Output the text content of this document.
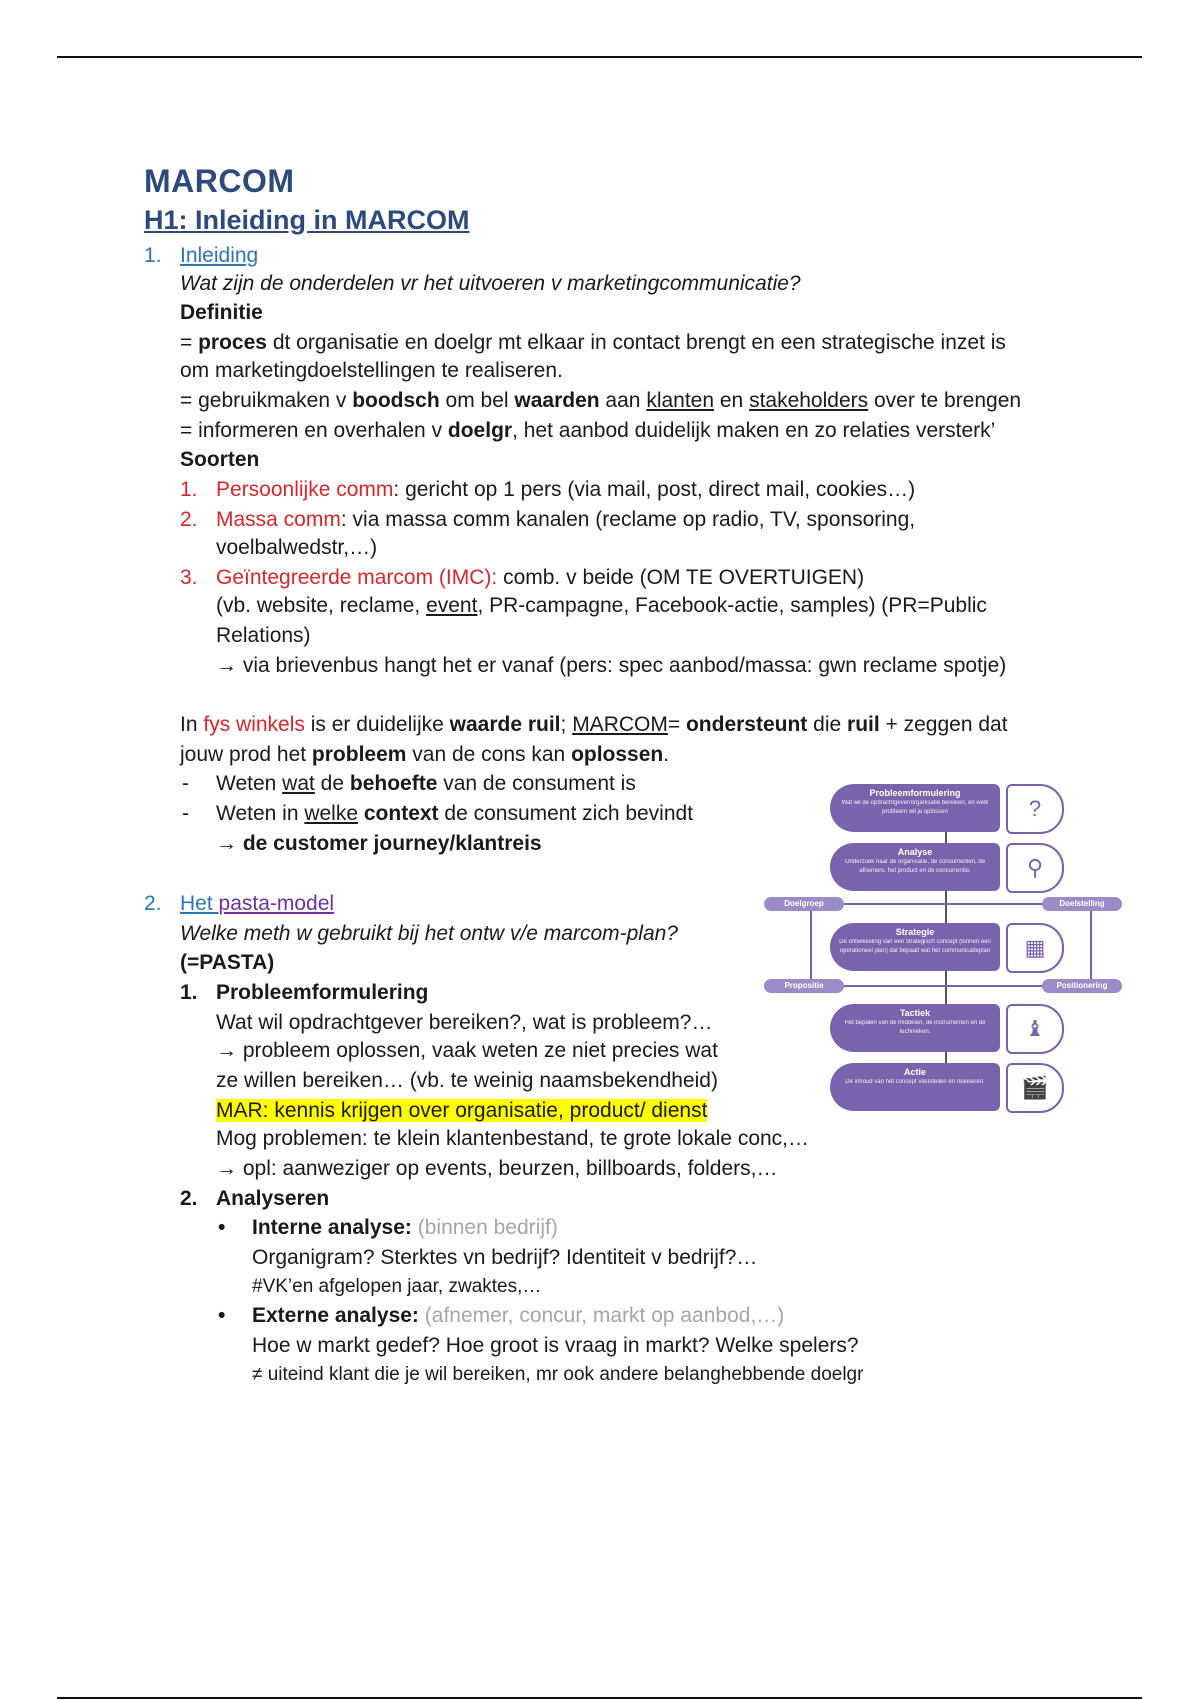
MARCOM
H1: Inleiding in MARCOM
1. Inleiding
Wat zijn de onderdelen vr het uitvoeren v marketingcommunicatie?
Definitie
= proces dt organisatie en doelgr mt elkaar in contact brengt en een strategische inzet is
om marketingdoelstellingen te realiseren.
= gebruikmaken v boodsch om bel waarden aan klanten en stakeholders over te brengen
= informeren en overhalen v doelgr, het aanbod duidelijk maken en zo relaties versterk’
Soorten
1. Persoonlijke comm: gericht op 1 pers (via mail, post, direct mail, cookies…)
2. Massa comm: via massa comm kanalen (reclame op radio, TV, sponsoring,
voelbalwedstr,…)
3. Geïntegreerde marcom (IMC): comb. v beide (OM TE OVERTUIGEN)
(vb. website, reclame, event, PR-campagne, Facebook-actie, samples) (PR=Public
Relations)
→ via brievenbus hangt het er vanaf (pers: spec aanbod/massa: gwn reclame spotje)
In fys winkels is er duidelijke waarde ruil; MARCOM= ondersteunt die ruil + zeggen dat
jouw prod het probleem van de cons kan oplossen.
- Weten wat de behoefte van de consument is
- Weten in welke context de consument zich bevindt
→ de customer journey/klantreis
2. Het pasta-model
Welke meth w gebruikt bij het ontw v/e marcom-plan?
(=PASTA)
1. Probleemformulering
Wat wil opdrachtgever bereiken?, wat is probleem?…
→ probleem oplossen, vaak weten ze niet precies wat
ze willen bereiken… (vb. te weinig naamsbekendheid)
MAR: kennis krijgen over organisatie, product/ dienst
Mog problemen: te klein klantenbestand, te grote lokale conc,…
→ opl: aanweziger op events, beurzen, billboards, folders,…
2. Analyseren
• Interne analyse: (binnen bedrijf)
Organigram? Sterktes vn bedrijf? Identiteit v bedrijf?…
#VK’en afgelopen jaar, zwaktes,…
• Externe analyse: (afnemer, concur, markt op aanbod,…)
Hoe w markt gedef? Hoe groot is vraag in markt? Welke spelers?
≠ uiteind klant die je wil bereiken, mr ook andere belanghebbende doelgr
Probleemformulering
Wat wil de opdrachtgever/organisatie bereiken, en welk probleem wil je oplossen	?
Analyse
Onderzoek naar de organisatie, de consumenten, de afnemers, het product en de concurrentie.	⚲
Doelgroep	Doelstelling
Strategie
De ontwikkeling van een strategisch concept (binnen een operationeel plan) dat bepaalt wat het communicatieplan	▦
Propositie	Positionering
Tactiek
Het bepalen van de middelen, de instrumenten en de technieken.	♝
Actie
De inhoud van het concept vaststellen en realiseren.	🎬
